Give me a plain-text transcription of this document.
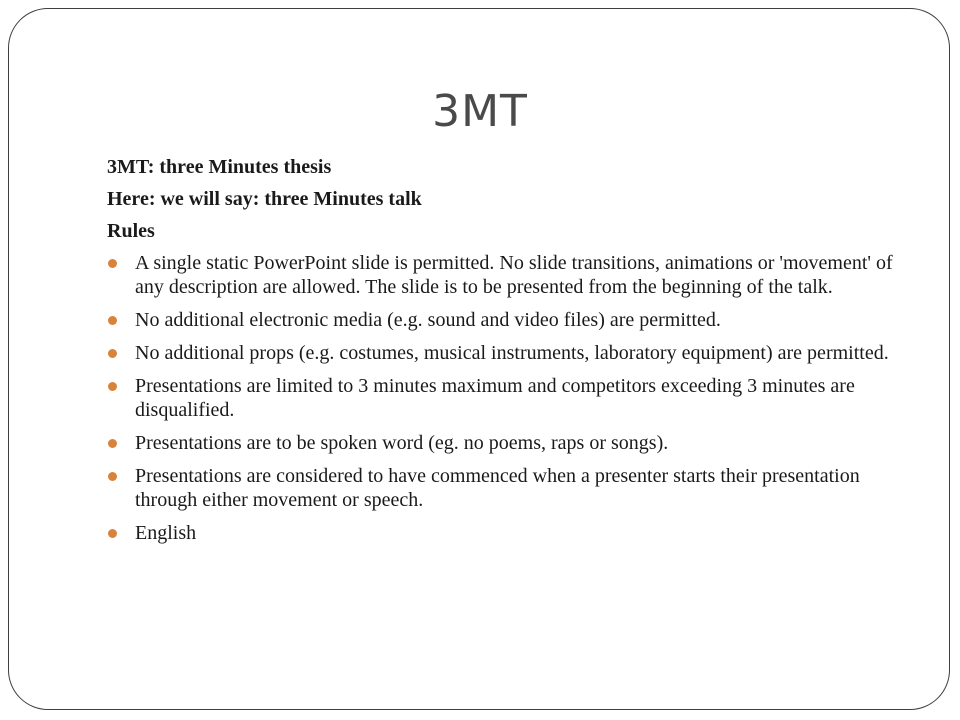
3MT
3MT: three Minutes thesis
Here: we will say: three Minutes talk
Rules
A single static PowerPoint slide is permitted. No slide transitions, animations or 'movement' of any description are allowed. The slide is to be presented from the beginning of the talk.
No additional electronic media (e.g. sound and video files) are permitted.
No additional props (e.g. costumes, musical instruments, laboratory equipment) are permitted.
Presentations are limited to 3 minutes maximum and competitors exceeding 3 minutes are disqualified.
Presentations are to be spoken word (eg. no poems, raps or songs).
Presentations are considered to have commenced when a presenter starts their presentation through either movement or speech.
English
